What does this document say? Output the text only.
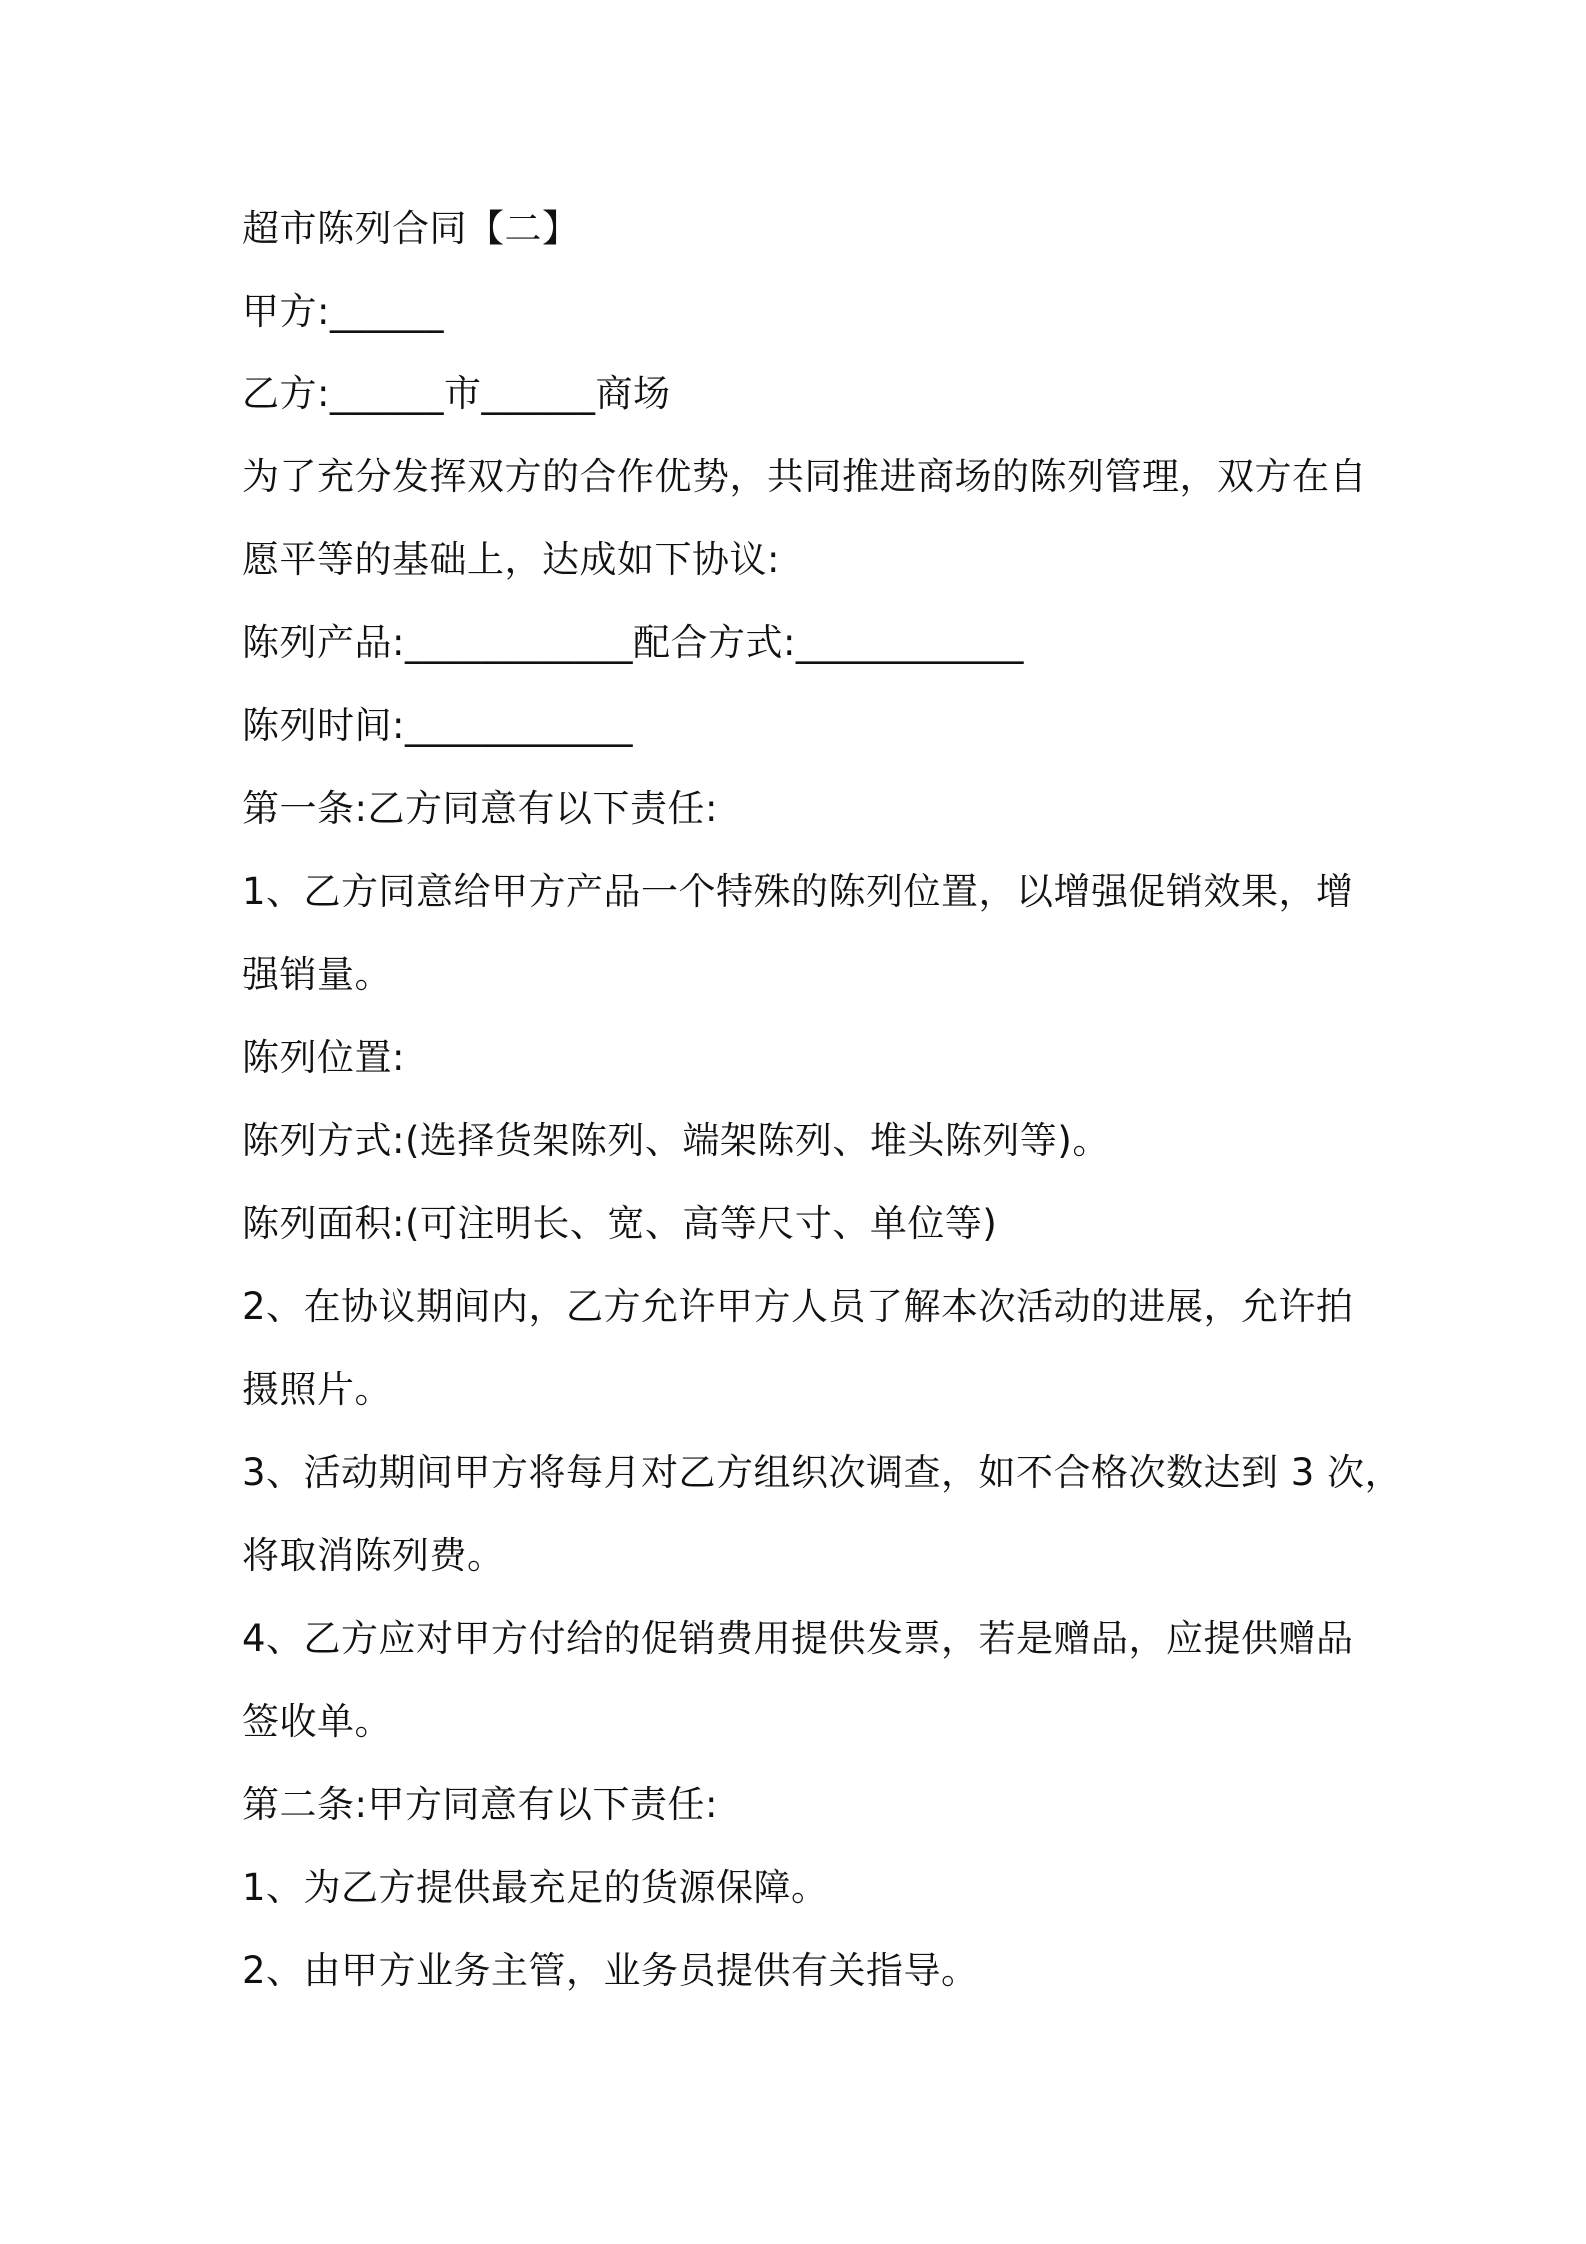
超市陈列合同【二】
甲方:______
乙方:______市______商场
为了充分发挥双方的合作优势，共同推进商场的陈列管理，双方在自
愿平等的基础上，达成如下协议:
陈列产品:____________配合方式:____________
陈列时间:____________
第一条:乙方同意有以下责任:
1、乙方同意给甲方产品一个特殊的陈列位置，以增强促销效果，增
强销量。
陈列位置:
陈列方式:(选择货架陈列、端架陈列、堆头陈列等)。
陈列面积:(可注明长、宽、高等尺寸、单位等)
2、在协议期间内，乙方允许甲方人员了解本次活动的进展，允许拍
摄照片。
3、活动期间甲方将每月对乙方组织次调查，如不合格次数达到 3 次，
将取消陈列费。
4、乙方应对甲方付给的促销费用提供发票，若是赠品，应提供赠品
签收单。
第二条:甲方同意有以下责任:
1、为乙方提供最充足的货源保障。
2、由甲方业务主管，业务员提供有关指导。
